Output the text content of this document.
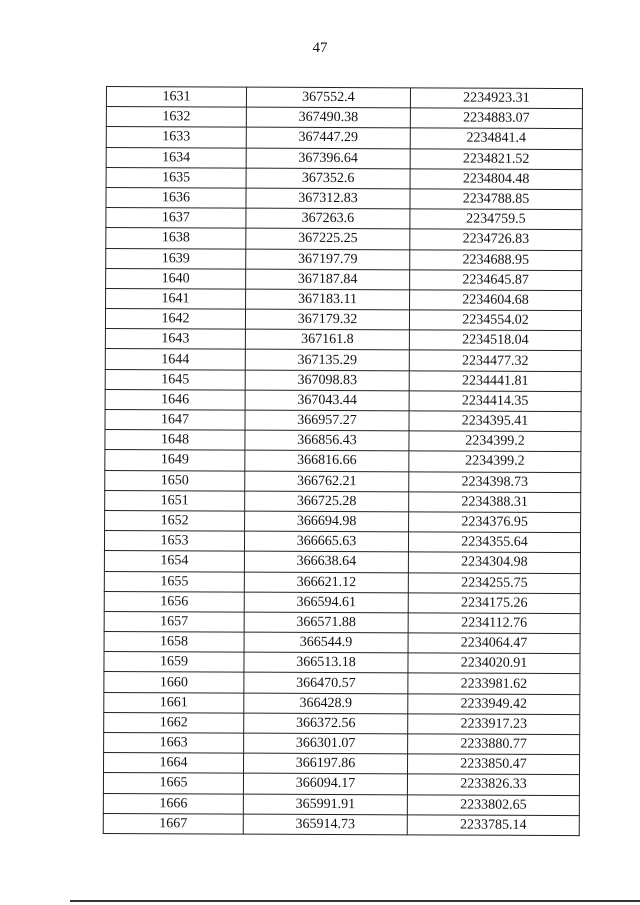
47
1631	367552.4	2234923.31
1632	367490.38	2234883.07
1633	367447.29	2234841.4
1634	367396.64	2234821.52
1635	367352.6	2234804.48
1636	367312.83	2234788.85
1637	367263.6	2234759.5
1638	367225.25	2234726.83
1639	367197.79	2234688.95
1640	367187.84	2234645.87
1641	367183.11	2234604.68
1642	367179.32	2234554.02
1643	367161.8	2234518.04
1644	367135.29	2234477.32
1645	367098.83	2234441.81
1646	367043.44	2234414.35
1647	366957.27	2234395.41
1648	366856.43	2234399.2
1649	366816.66	2234399.2
1650	366762.21	2234398.73
1651	366725.28	2234388.31
1652	366694.98	2234376.95
1653	366665.63	2234355.64
1654	366638.64	2234304.98
1655	366621.12	2234255.75
1656	366594.61	2234175.26
1657	366571.88	2234112.76
1658	366544.9	2234064.47
1659	366513.18	2234020.91
1660	366470.57	2233981.62
1661	366428.9	2233949.42
1662	366372.56	2233917.23
1663	366301.07	2233880.77
1664	366197.86	2233850.47
1665	366094.17	2233826.33
1666	365991.91	2233802.65
1667	365914.73	2233785.14
